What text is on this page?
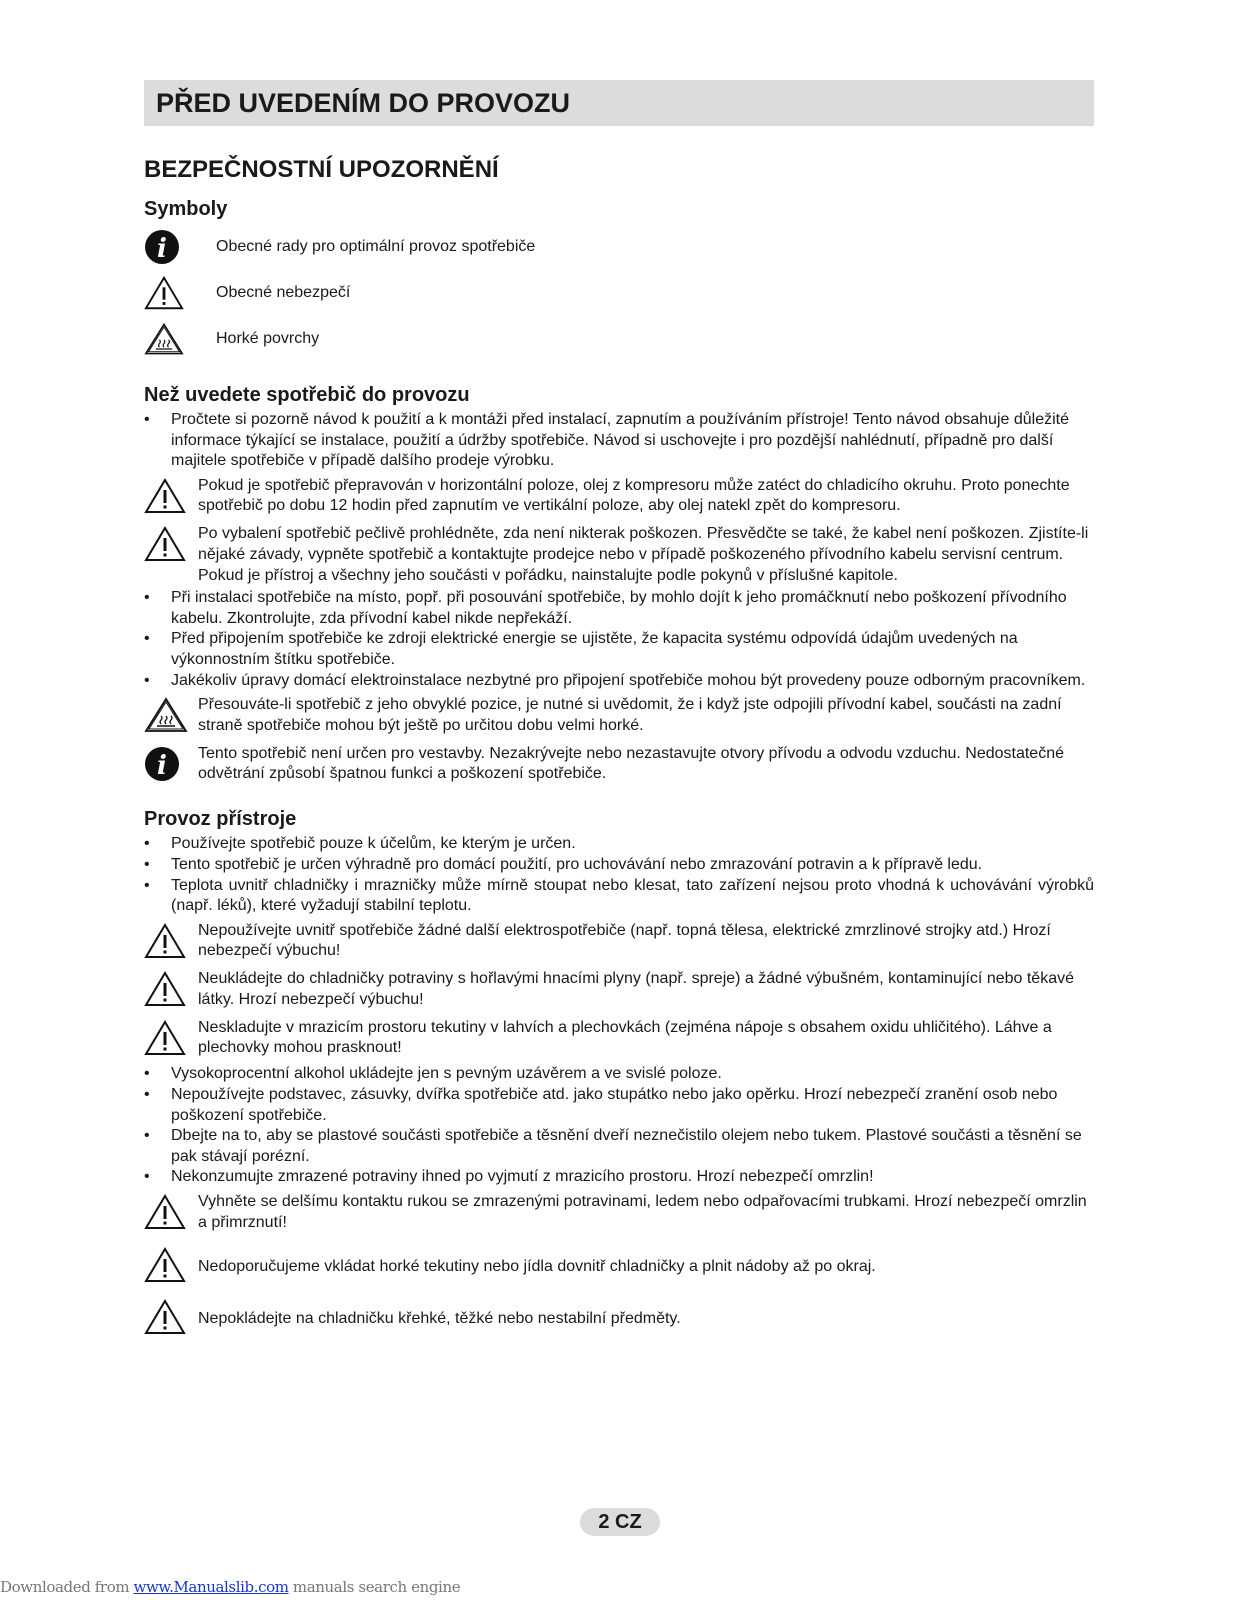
PŘED UVEDENÍM DO PROVOZU
BEZPEČNOSTNÍ UPOZORNĚNÍ
Symboly
i	Obecné rady pro optimální provoz spotřebiče
Obecné nebezpečí
Horké povrchy
Než uvedete spotřebič do provozu

• Pročtete si pozorně návod k použití a k montáži před instalací, zapnutím a používáním přístroje! Tento návod obsahuje důležité informace týkající se instalace, použití a údržby spotřebiče. Návod si uschovejte i pro pozdější nahlédnutí, případně pro další majitele spotřebiče v případě dalšího prodeje výrobku.

Pokud je spotřebič přepravován v horizontální poloze, olej z kompresoru může zatéct do chladicího okruhu. Proto ponechte spotřebič po dobu 12 hodin před zapnutím ve vertikální poloze, aby olej natekl zpět do kompresoru.

Po vybalení spotřebič pečlivě prohlédněte, zda není nikterak poškozen. Přesvědčte se také, že kabel není poškozen. Zjistíte-li nějaké závady, vypněte spotřebič a kontaktujte prodejce nebo v případě poškozeného přívodního kabelu servisní centrum. Pokud je přístroj a všechny jeho součásti v pořádku, nainstalujte podle pokynů v příslušné kapitole.

• Při instalaci spotřebiče na místo, popř. při posouvání spotřebiče, by mohlo dojít k jeho promáčknutí nebo poškození přívodního kabelu. Zkontrolujte, zda přívodní kabel nikde nepřekáží.

• Před připojením spotřebiče ke zdroji elektrické energie se ujistěte, že kapacita systému odpovídá údajům uvedených na výkonnostním štítku spotřebiče.

• Jakékoliv úpravy domácí elektroinstalace nezbytné pro připojení spotřebiče mohou být provedeny pouze odborným pracovníkem.

Přesouváte-li spotřebič z jeho obvyklé pozice, je nutné si uvědomit, že i když jste odpojili přívodní kabel, součásti na zadní straně spotřebiče mohou být ještě po určitou dobu velmi horké.

i Tento spotřebič není určen pro vestavby. Nezakrývejte nebo nezastavujte otvory přívodu a odvodu vzduchu. Nedostatečné odvětrání způsobí špatnou funkci a poškození spotřebiče.

Provoz přístroje

• Používejte spotřebič pouze k účelům, ke kterým je určen.

• Tento spotřebič je určen výhradně pro domácí použití, pro uchovávání nebo zmrazování potravin a k přípravě ledu.

• Teplota uvnitř chladničky i mrazničky může mírně stoupat nebo klesat, tato zařízení nejsou proto vhodná k uchovávání výrobků (např. léků), které vyžadují stabilní teplotu.

Nepoužívejte uvnitř spotřebiče žádné další elektrospotřebiče (např. topná tělesa, elektrické zmrzlinové strojky atd.) Hrozí nebezpečí výbuchu!

Neukládejte do chladničky potraviny s hořlavými hnacími plyny (např. spreje) a žádné výbušném, kontaminující nebo těkavé látky. Hrozí nebezpečí výbuchu!

Neskladujte v mrazicím prostoru tekutiny v lahvích a plechovkách (zejména nápoje s obsahem oxidu uhličitého). Láhve a plechovky mohou prasknout!

• Vysokoprocentní alkohol ukládejte jen s pevným uzávěrem a ve svislé poloze.

• Nepoužívejte podstavec, zásuvky, dvířka spotřebiče atd. jako stupátko nebo jako opěrku. Hrozí nebezpečí zranění osob nebo poškození spotřebiče.

• Dbejte na to, aby se plastové součásti spotřebiče a těsnění dveří neznečistilo olejem nebo tukem. Plastové součásti a těsnění se pak stávají porézní.

• Nekonzumujte zmrazené potraviny ihned po vyjmutí z mrazicího prostoru. Hrozí nebezpečí omrzlin!

Vyhněte se delšímu kontaktu rukou se zmrazenými potravinami, ledem nebo odpařovacími trubkami. Hrozí nebezpečí omrzlin a přimrznutí!

Nedoporučujeme vkládat horké tekutiny nebo jídla dovnitř chladničky a plnit nádoby až po okraj.

Nepokládejte na chladničku křehké, těžké nebo nestabilní předměty.

2 CZ
Downloaded from www.Manualslib.com manuals search engine
